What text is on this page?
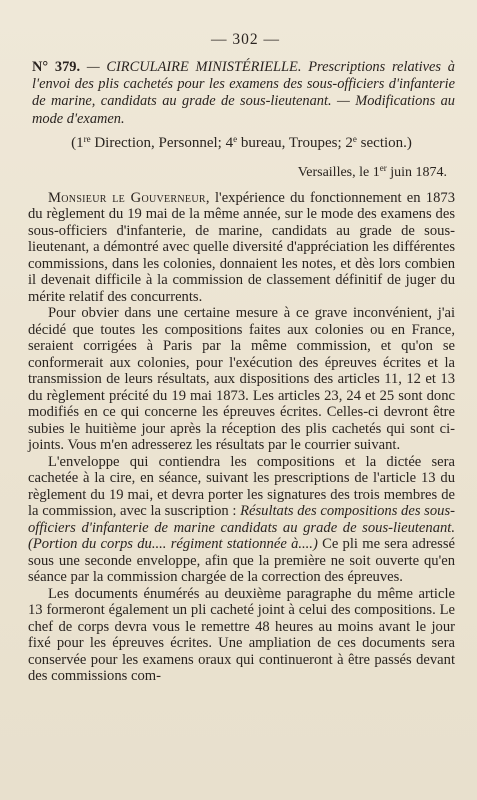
— 302 —
N° 379. — CIRCULAIRE MINISTÉRIELLE. Prescriptions relatives à l'envoi des plis cachetés pour les examens des sous-officiers d'infanterie de marine, candidats au grade de sous-lieutenant. — Modifications au mode d'examen.
(1re Direction, Personnel; 4e bureau, Troupes; 2e section.)
Versailles, le 1er juin 1874.

Monsieur le Gouverneur, l'expérience du fonctionnement en 1873 du règlement du 19 mai de la même année, sur le mode des examens des sous-officiers d'infanterie, de marine, candidats au grade de sous-lieutenant, a démontré avec quelle diversité d'appréciation les différentes commissions, dans les colonies, donnaient les notes, et dès lors combien il devenait difficile à la commission de classement définitif de juger du mérite relatif des concurrents.

Pour obvier dans une certaine mesure à ce grave inconvénient, j'ai décidé que toutes les compositions faites aux colonies ou en France, seraient corrigées à Paris par la même commission, et qu'on se conformerait aux colonies, pour l'exécution des épreuves écrites et la transmission de leurs résultats, aux dispositions des articles 11, 12 et 13 du règlement précité du 19 mai 1873. Les articles 23, 24 et 25 sont donc modifiés en ce qui concerne les épreuves écrites. Celles-ci devront être subies le huitième jour après la réception des plis cachetés qui sont ci-joints. Vous m'en adresserez les résultats par le courrier suivant.

L'enveloppe qui contiendra les compositions et la dictée sera cachetée à la cire, en séance, suivant les prescriptions de l'article 13 du règlement du 19 mai, et devra porter les signatures des trois membres de la commission, avec la suscription : Résultats des compositions des sous-officiers d'infanterie de marine candidats au grade de sous-lieutenant. (Portion du corps du.... régiment stationnée à....) Ce pli me sera adressé sous une seconde enveloppe, afin que la première ne soit ouverte qu'en séance par la commission chargée de la correction des épreuves.

Les documents énumérés au deuxième paragraphe du même article 13 formeront également un pli cacheté joint à celui des compositions. Le chef de corps devra vous le remettre 48 heures au moins avant le jour fixé pour les épreuves écrites. Une ampliation de ces documents sera conservée pour les examens oraux qui continueront à être passés devant des commissions com-
